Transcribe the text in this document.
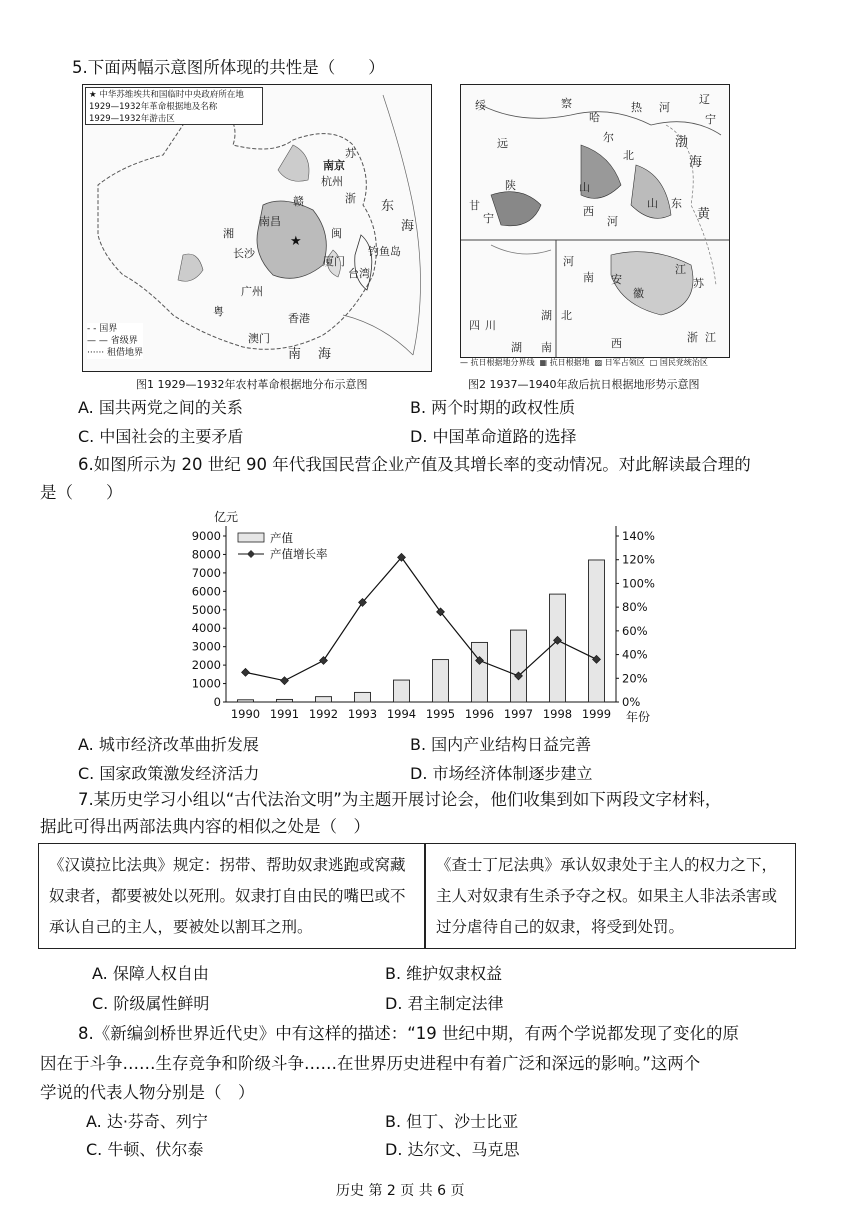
5.下面两幅示意图所体现的共性是（　　）
★
★ 中华苏维埃共和国临时中央政府所在地
1929—1932年革命根据地及名称
1929—1932年游击区
- - 国界
— — 省级界
······ 租借地界
南京
杭州
长沙
南昌
广州
台湾
香港
澳门
厦门
钓鱼岛
东
海
南 海
苏
浙
闽
赣
湘
粤
图1 1929—1932年农村革命根据地分布示意图
绥
远
察
哈
尔
热 河
辽
宁
渤
海
陕
甘
宁
山
西
河
北
山 东
黄
河
南
湖 北
安
徽
江
苏
浙 江
西
四 川
湖 南
— 抗日根据地分界线 ▦ 抗日根据地 ▨ 日军占领区 □ 国民党统治区
图2 1937—1940年敌后抗日根据地形势示意图
A. 国共两党之间的关系	B. 两个时期的政权性质
C. 中国社会的主要矛盾	D. 中国革命道路的选择
6.如图所示为 20 世纪 90 年代我国民营企业产值及其增长率的变动情况。对此解读最合理的
是（　　）
亿元
年份
0
1000
2000
3000
4000
5000
6000
7000
8000
9000
0%
20%
40%
60%
80%
100%
120%
140%
1990 1991 1992 1993 1994 1995 1996 1997 1998 1999
产值
产值增长率
A. 城市经济改革曲折发展	B. 国内产业结构日益完善
C. 国家政策激发经济活力	D. 市场经济体制逐步建立
7.某历史学习小组以“古代法治文明”为主题开展讨论会，他们收集到如下两段文字材料，
据此可得出两部法典内容的相似之处是（　）
《汉谟拉比法典》规定：拐带、帮助奴隶逃跑或窝藏奴隶者，都要被处以死刑。奴隶打自由民的嘴巴或不承认自己的主人，要被处以割耳之刑。
《查士丁尼法典》承认奴隶处于主人的权力之下，主人对奴隶有生杀予夺之权。如果主人非法杀害或过分虐待自己的奴隶，将受到处罚。
A. 保障人权自由	B. 维护奴隶权益
C. 阶级属性鲜明	D. 君主制定法律
8.《新编剑桥世界近代史》中有这样的描述：“19 世纪中期，有两个学说都发现了变化的原
因在于斗争……生存竞争和阶级斗争……在世界历史进程中有着广泛和深远的影响。”这两个
学说的代表人物分别是（　）
A. 达·芬奇、列宁	B. 但丁、沙士比亚
C. 牛顿、伏尔泰	D. 达尔文、马克思
历史 第 2 页 共 6 页
